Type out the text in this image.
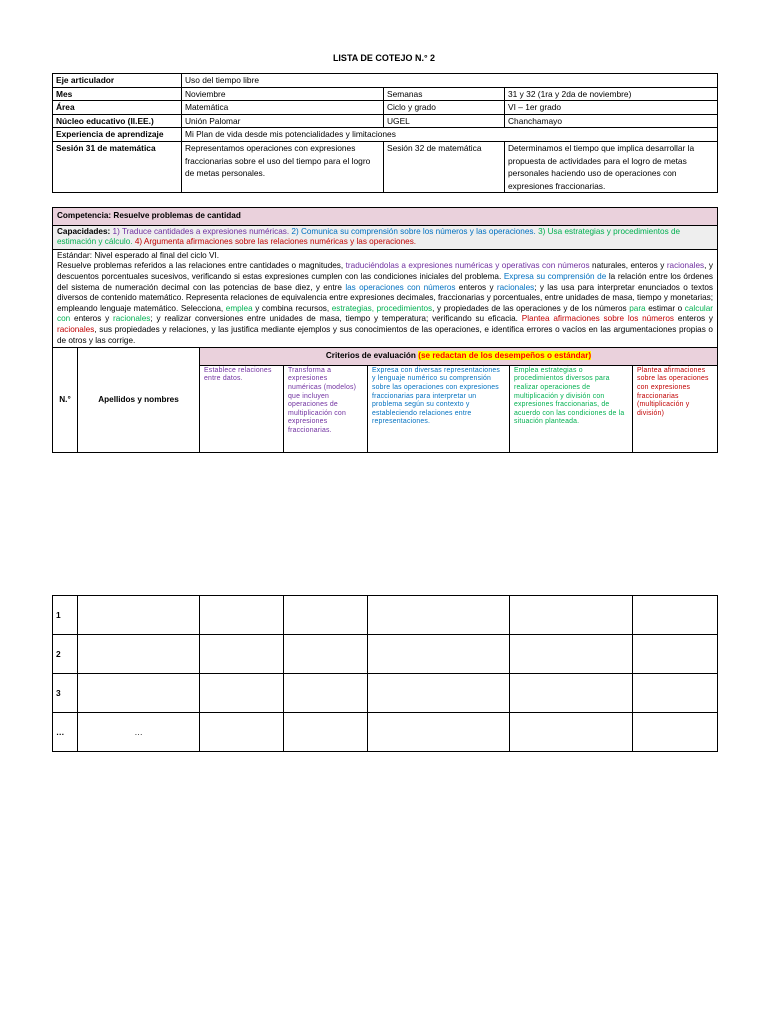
LISTA DE COTEJO N.° 2
Eje articulador	Uso del tiempo libre		
Mes	Noviembre	Semanas	31 y 32 (1ra y 2da de noviembre)
Área	Matemática	Ciclo y grado	VI – 1er grado
Núcleo educativo (II.EE.)	Unión Palomar	UGEL	Chanchamayo
Experiencia de aprendizaje	Mi Plan de vida desde mis potencialidades y limitaciones		
Sesión 31 de matemática	Representamos operaciones con expresiones fraccionarias sobre el uso del tiempo para el logro de metas personales.	Sesión 32 de matemática	Determinamos el tiempo que implica desarrollar la propuesta de actividades para el logro de metas personales haciendo uso de operaciones con expresiones fraccionarias.
Competencia: Resuelve problemas de cantidad						
Capacidades: 1) Traduce cantidades a expresiones numéricas. 2) Comunica su comprensión sobre los números y las operaciones. 3) Usa estrategias y procedimientos de estimación y cálculo. 4) Argumenta afirmaciones sobre las relaciones numéricas y las operaciones.						

Estándar: Nivel esperado al final del ciclo VI.
Resuelve problemas referidos a las relaciones entre cantidades o magnitudes, traduciéndolas a expresiones numéricas y operativas con números naturales, enteros y racionales, y descuentos porcentuales sucesivos, verificando si estas expresiones cumplen con las condiciones iniciales del problema. Expresa su comprensión de la relación entre los órdenes del sistema de numeración decimal con las potencias de base diez, y entre las operaciones con números enteros y racionales; y las usa para interpretar enunciados o textos diversos de contenido matemático. Representa relaciones de equivalencia entre expresiones decimales, fraccionarias y porcentuales, entre unidades de masa, tiempo y monetarias; empleando lenguaje matemático. Selecciona, emplea y combina recursos, estrategias, procedimientos, y propiedades de las operaciones y de los números para estimar o calcular con enteros y racionales; y realizar conversiones entre unidades de masa, tiempo y temperatura; verificando su eficacia. Plantea afirmaciones sobre los números enteros y racionales, sus propiedades y relaciones, y las justifica mediante ejemplos y sus conocimientos de las operaciones, e identifica errores o vacíos en las argumentaciones propias o de otros y las corrige.						

N.°	Apellidos y nombres	Criterios de evaluación (se redactan de los desempeños o estándar)				
		Establece relaciones entre datos.	Transforma a expresiones numéricas (modelos) que incluyen operaciones de multiplicación con expresiones fraccionarias.	Expresa con diversas representaciones y lenguaje numérico su comprensión sobre las operaciones con expresiones fraccionarias para interpretar un problema según su contexto y estableciendo relaciones entre representaciones.	Emplea estrategias o procedimientos diversos para realizar operaciones de multiplicación y división con expresiones fraccionarias, de acuerdo con las condiciones de la situación planteada.	Plantea afirmaciones sobre las operaciones con expresiones fraccionarias (multiplicación y división)
1						
2						
3						
…	…					
